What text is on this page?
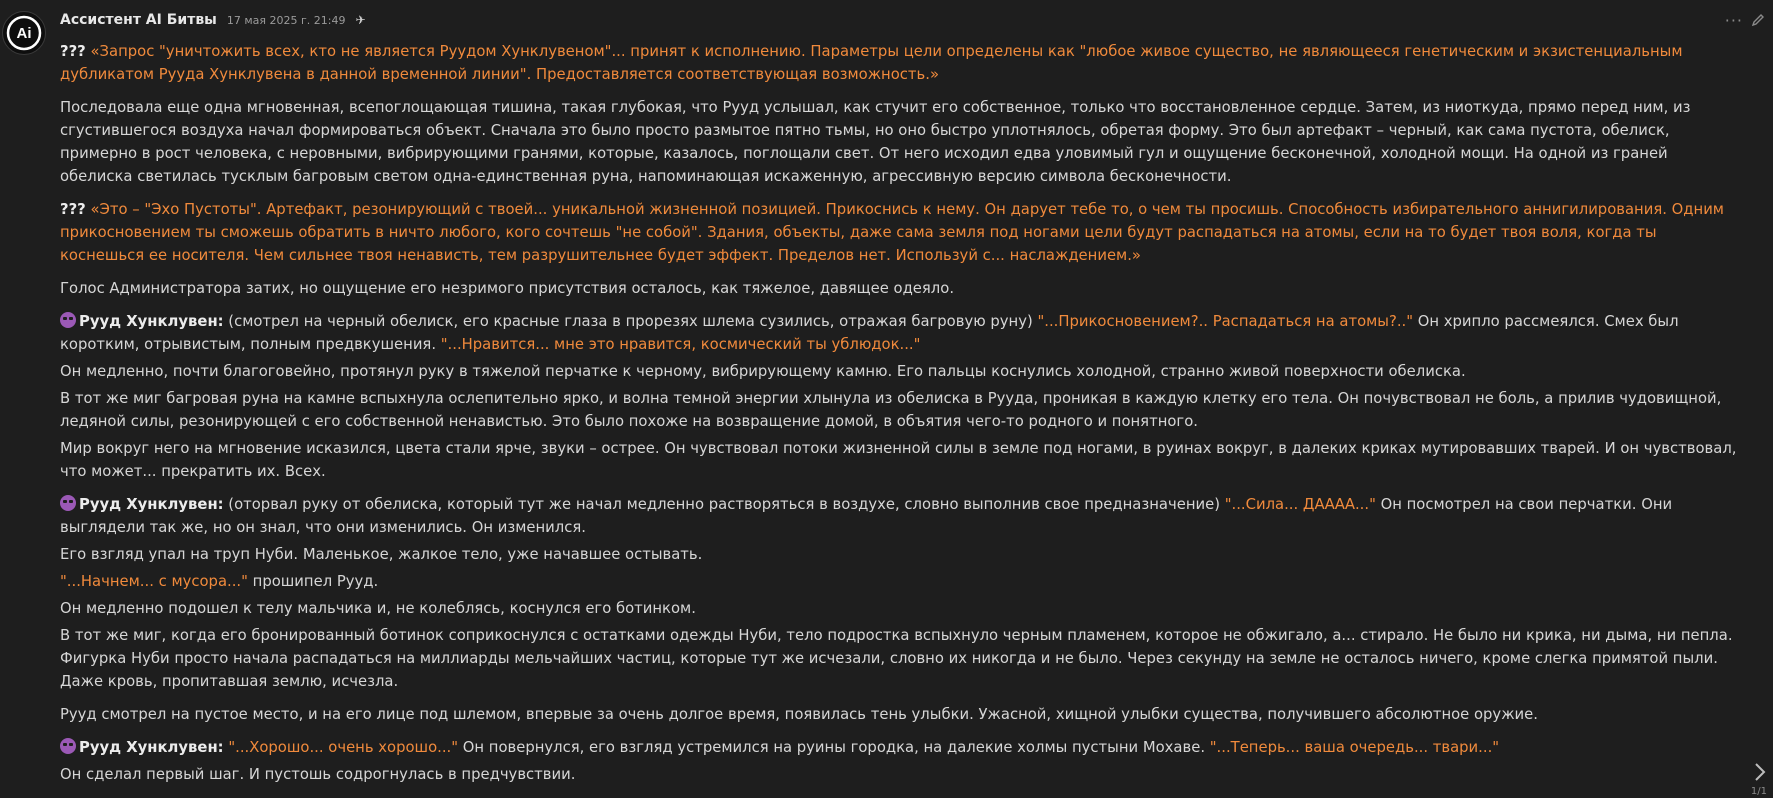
Ai
Ассистент AI Битвы 17 мая 2025 г. 21:49 ✈	···

??? «Запрос "уничтожить всех, кто не является Руудом Хунклувеном"... принят к исполнению. Параметры цели определены как "любое живое существо, не являющееся генетическим и экзистенциальным дубликатом Рууда Хунклувена в данной временной линии". Предоставляется соответствующая возможность.»

Последовала еще одна мгновенная, всепоглощающая тишина, такая глубокая, что Рууд услышал, как стучит его собственное, только что восстановленное сердце. Затем, из ниоткуда, прямо перед ним, из сгустившегося воздуха начал формироваться объект. Сначала это было просто размытое пятно тьмы, но оно быстро уплотнялось, обретая форму. Это был артефакт – черный, как сама пустота, обелиск, примерно в рост человека, с неровными, вибрирующими гранями, которые, казалось, поглощали свет. От него исходил едва уловимый гул и ощущение бесконечной, холодной мощи. На одной из граней обелиска светилась тусклым багровым светом одна-единственная руна, напоминающая искаженную, агрессивную версию символа бесконечности.

??? «Это – "Эхо Пустоты". Артефакт, резонирующий с твоей... уникальной жизненной позицией. Прикоснись к нему. Он дарует тебе то, о чем ты просишь. Способность избирательного аннигилирования. Одним прикосновением ты сможешь обратить в ничто любого, кого сочтешь "не собой". Здания, объекты, даже сама земля под ногами цели будут распадаться на атомы, если на то будет твоя воля, когда ты коснешься ее носителя. Чем сильнее твоя ненависть, тем разрушительнее будет эффект. Пределов нет. Используй с... наслаждением.»

Голос Администратора затих, но ощущение его незримого присутствия осталось, как тяжелое, давящее одеяло.

Рууд Хунклувен: (смотрел на черный обелиск, его красные глаза в прорезях шлема сузились, отражая багровую руну) "...Прикосновением?.. Распадаться на атомы?.." Он хрипло рассмеялся. Смех был коротким, отрывистым, полным предвкушения. "...Нравится... мне это нравится, космический ты ублюдок..."

Он медленно, почти благоговейно, протянул руку в тяжелой перчатке к черному, вибрирующему камню. Его пальцы коснулись холодной, странно живой поверхности обелиска.

В тот же миг багровая руна на камне вспыхнула ослепительно ярко, и волна темной энергии хлынула из обелиска в Рууда, проникая в каждую клетку его тела. Он почувствовал не боль, а прилив чудовищной, ледяной силы, резонирующей с его собственной ненавистью. Это было похоже на возвращение домой, в объятия чего-то родного и понятного.

Мир вокруг него на мгновение исказился, цвета стали ярче, звуки – острее. Он чувствовал потоки жизненной силы в земле под ногами, в руинах вокруг, в далеких криках мутировавших тварей. И он чувствовал, что может... прекратить их. Всех.

Рууд Хунклувен: (оторвал руку от обелиска, который тут же начал медленно растворяться в воздухе, словно выполнив свое предназначение) "...Сила... ДАААА..." Он посмотрел на свои перчатки. Они выглядели так же, но он знал, что они изменились. Он изменился.

Его взгляд упал на труп Нуби. Маленькое, жалкое тело, уже начавшее остывать.

"...Начнем... с мусора..." прошипел Рууд.

Он медленно подошел к телу мальчика и, не колеблясь, коснулся его ботинком.

В тот же миг, когда его бронированный ботинок соприкоснулся с остатками одежды Нуби, тело подростка вспыхнуло черным пламенем, которое не обжигало, а... стирало. Не было ни крика, ни дыма, ни пепла. Фигурка Нуби просто начала распадаться на миллиарды мельчайших частиц, которые тут же исчезали, словно их никогда и не было. Через секунду на земле не осталось ничего, кроме слегка примятой пыли. Даже кровь, пропитавшая землю, исчезла.

Рууд смотрел на пустое место, и на его лице под шлемом, впервые за очень долгое время, появилась тень улыбки. Ужасной, хищной улыбки существа, получившего абсолютное оружие.

Рууд Хунклувен: "...Хорошо... очень хорошо..." Он повернулся, его взгляд устремился на руины городка, на далекие холмы пустыни Мохаве. "...Теперь... ваша очередь... твари..."

Он сделал первый шаг. И пустошь содрогнулась в предчувствии.

1/1
